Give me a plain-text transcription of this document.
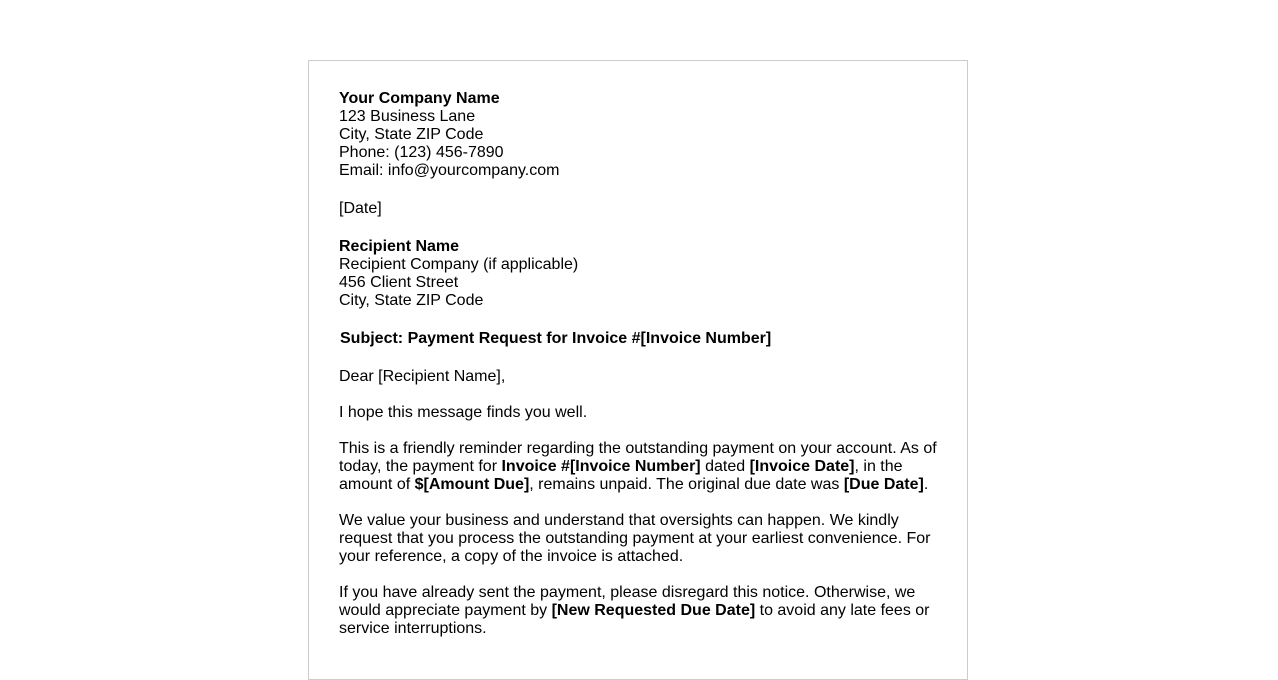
Your Company Name
123 Business Lane
City, State ZIP Code
Phone: (123) 456-7890
Email: info@yourcompany.com
[Date]
Recipient Name
Recipient Company (if applicable)
456 Client Street
City, State ZIP Code
Subject: Payment Request for Invoice #[Invoice Number]
Dear [Recipient Name],
I hope this message finds you well.

This is a friendly reminder regarding the outstanding payment on your account. As of
today, the payment for Invoice #[Invoice Number] dated [Invoice Date], in the
amount of $[Amount Due], remains unpaid. The original due date was [Due Date].

We value your business and understand that oversights can happen. We kindly
request that you process the outstanding payment at your earliest convenience. For
your reference, a copy of the invoice is attached.

If you have already sent the payment, please disregard this notice. Otherwise, we
would appreciate payment by [New Requested Due Date] to avoid any late fees or
service interruptions.
